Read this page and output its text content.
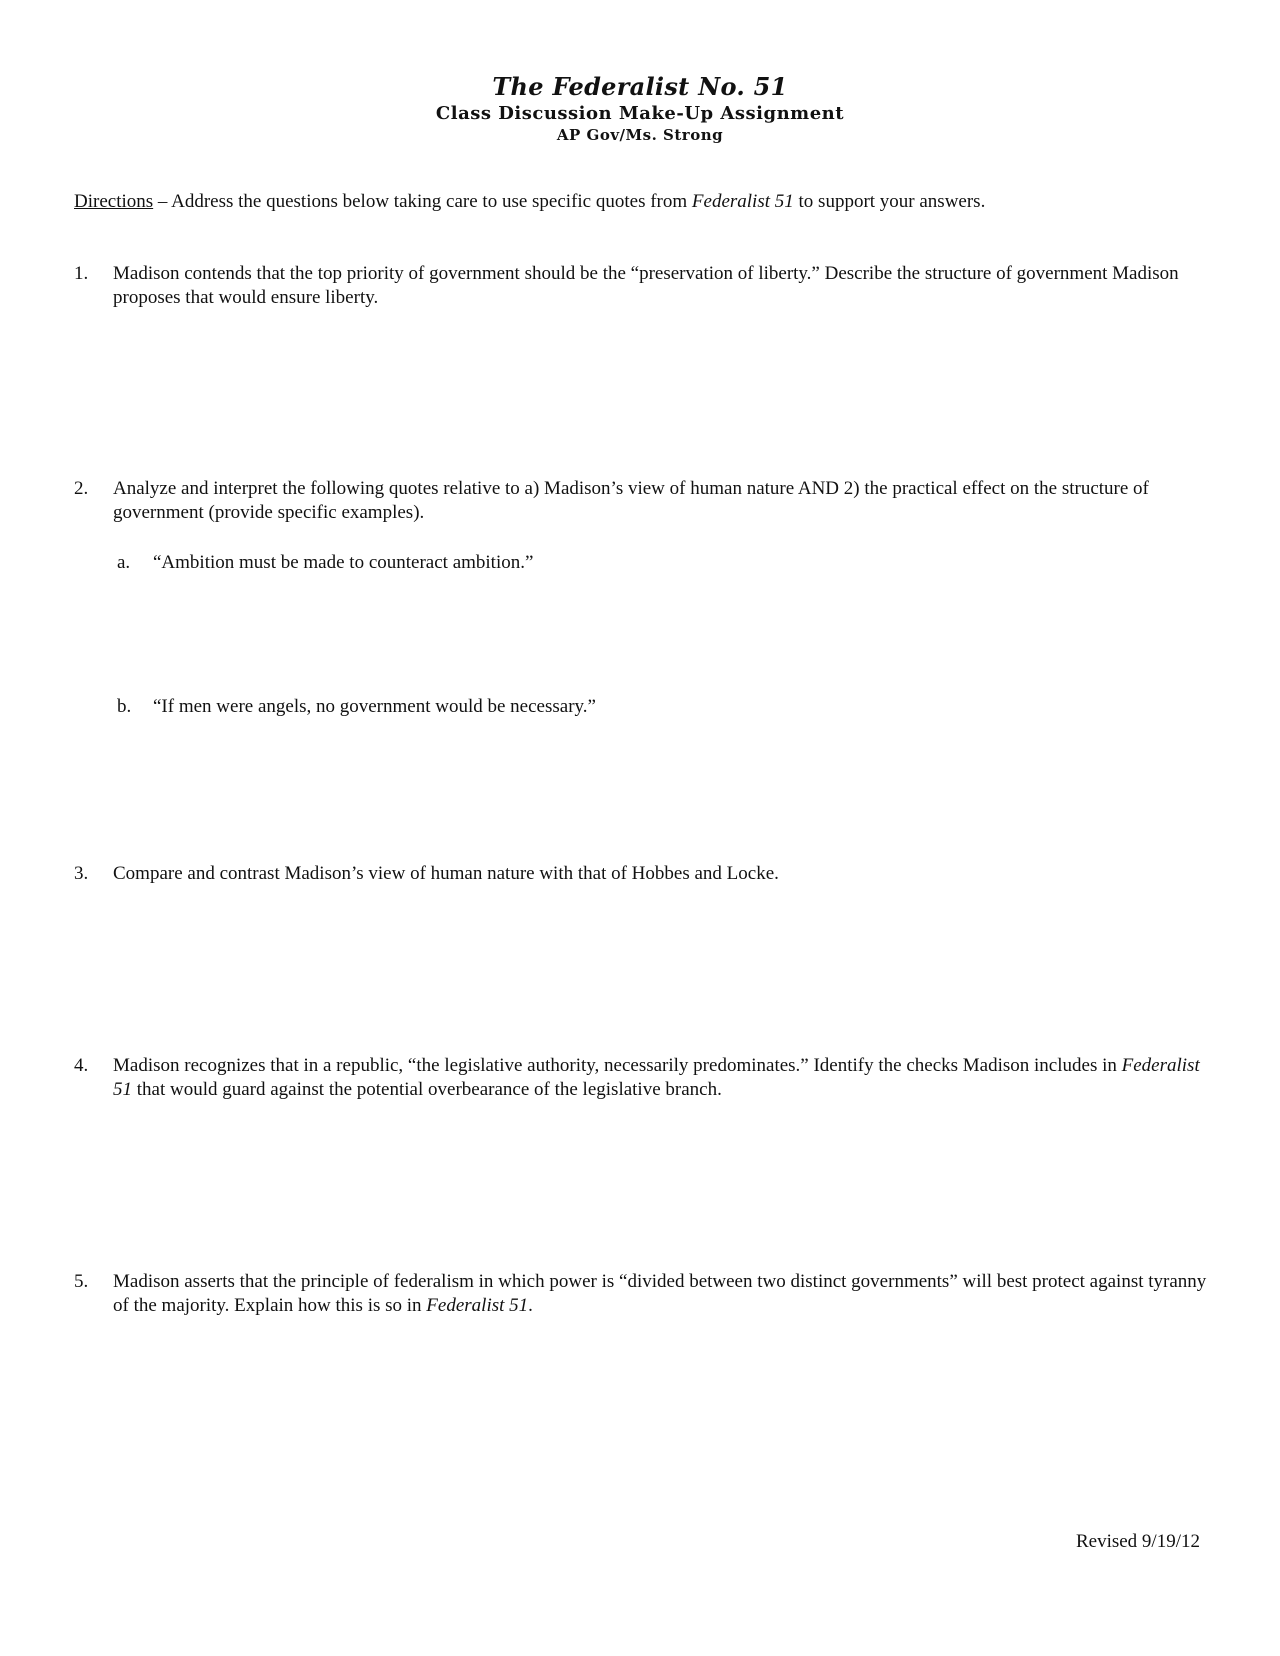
The Federalist No. 51
Class Discussion Make-Up Assignment
AP Gov/Ms. Strong
Directions – Address the questions below taking care to use specific quotes from Federalist 51 to support your answers.
1. Madison contends that the top priority of government should be the “preservation of liberty.” Describe the structure of government Madison proposes that would ensure liberty.
2. Analyze and interpret the following quotes relative to a) Madison’s view of human nature AND 2) the practical effect on the structure of government (provide specific examples).
a. “Ambition must be made to counteract ambition.”
b. “If men were angels, no government would be necessary.”
3. Compare and contrast Madison’s view of human nature with that of Hobbes and Locke.
4. Madison recognizes that in a republic, “the legislative authority, necessarily predominates.” Identify the checks Madison includes in Federalist 51 that would guard against the potential overbearance of the legislative branch.
5. Madison asserts that the principle of federalism in which power is “divided between two distinct governments” will best protect against tyranny of the majority. Explain how this is so in Federalist 51.
Revised 9/19/12
